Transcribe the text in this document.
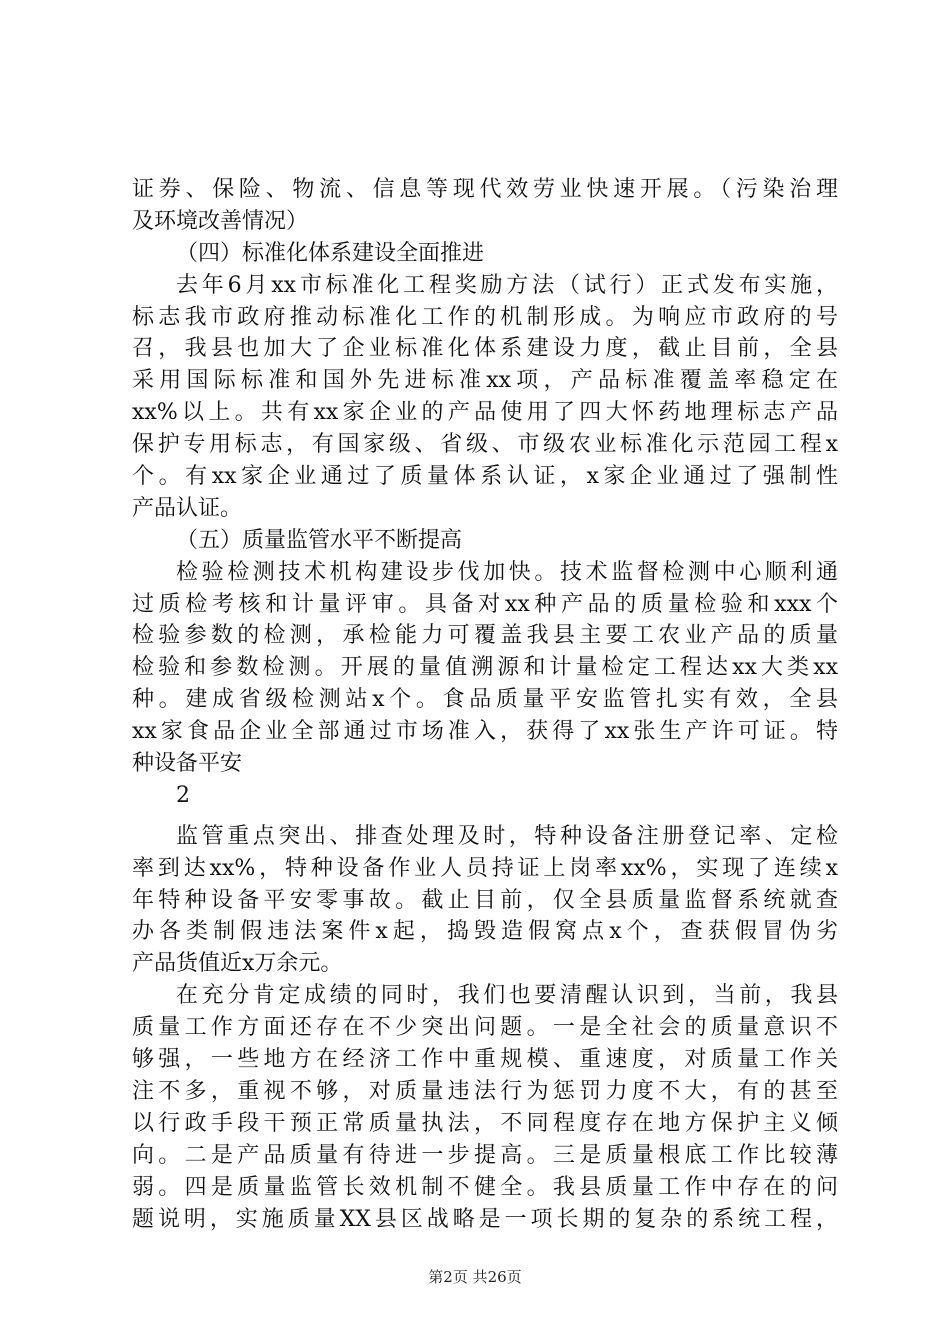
证券、保险、物流、信息等现代效劳业快速开展。（污染治理
及环境改善情况）
（四）标准化体系建设全面推进
去年6月xx市标准化工程奖励方法（试行）正式发布实施，
标志我市政府推动标准化工作的机制形成。为响应市政府的号
召，我县也加大了企业标准化体系建设力度，截止目前，全县
采用国际标准和国外先进标准xx项，产品标准覆盖率稳定在
xx%以上。共有xx家企业的产品使用了四大怀药地理标志产品
保护专用标志，有国家级、省级、市级农业标准化示范园工程x
个。有xx家企业通过了质量体系认证，x家企业通过了强制性
产品认证。
（五）质量监管水平不断提高
检验检测技术机构建设步伐加快。技术监督检测中心顺利通
过质检考核和计量评审。具备对xx种产品的质量检验和xxx个
检验参数的检测，承检能力可覆盖我县主要工农业产品的质量
检验和参数检测。开展的量值溯源和计量检定工程达xx大类xx
种。建成省级检测站x个。食品质量平安监管扎实有效，全县
xx家食品企业全部通过市场准入，获得了xx张生产许可证。特
种设备平安
2
监管重点突出、排查处理及时，特种设备注册登记率、定检
率到达xx%，特种设备作业人员持证上岗率xx%，实现了连续x
年特种设备平安零事故。截止目前，仅全县质量监督系统就查
办各类制假违法案件x起，捣毁造假窝点x个，查获假冒伪劣
产品货值近x万余元。
在充分肯定成绩的同时，我们也要清醒认识到，当前，我县
质量工作方面还存在不少突出问题。一是全社会的质量意识不
够强，一些地方在经济工作中重规模、重速度，对质量工作关
注不多，重视不够，对质量违法行为惩罚力度不大，有的甚至
以行政手段干预正常质量执法，不同程度存在地方保护主义倾
向。二是产品质量有待进一步提高。三是质量根底工作比较薄
弱。四是质量监管长效机制不健全。我县质量工作中存在的问
题说明，实施质量XX县区战略是一项长期的复杂的系统工程，
第2页 共26页
